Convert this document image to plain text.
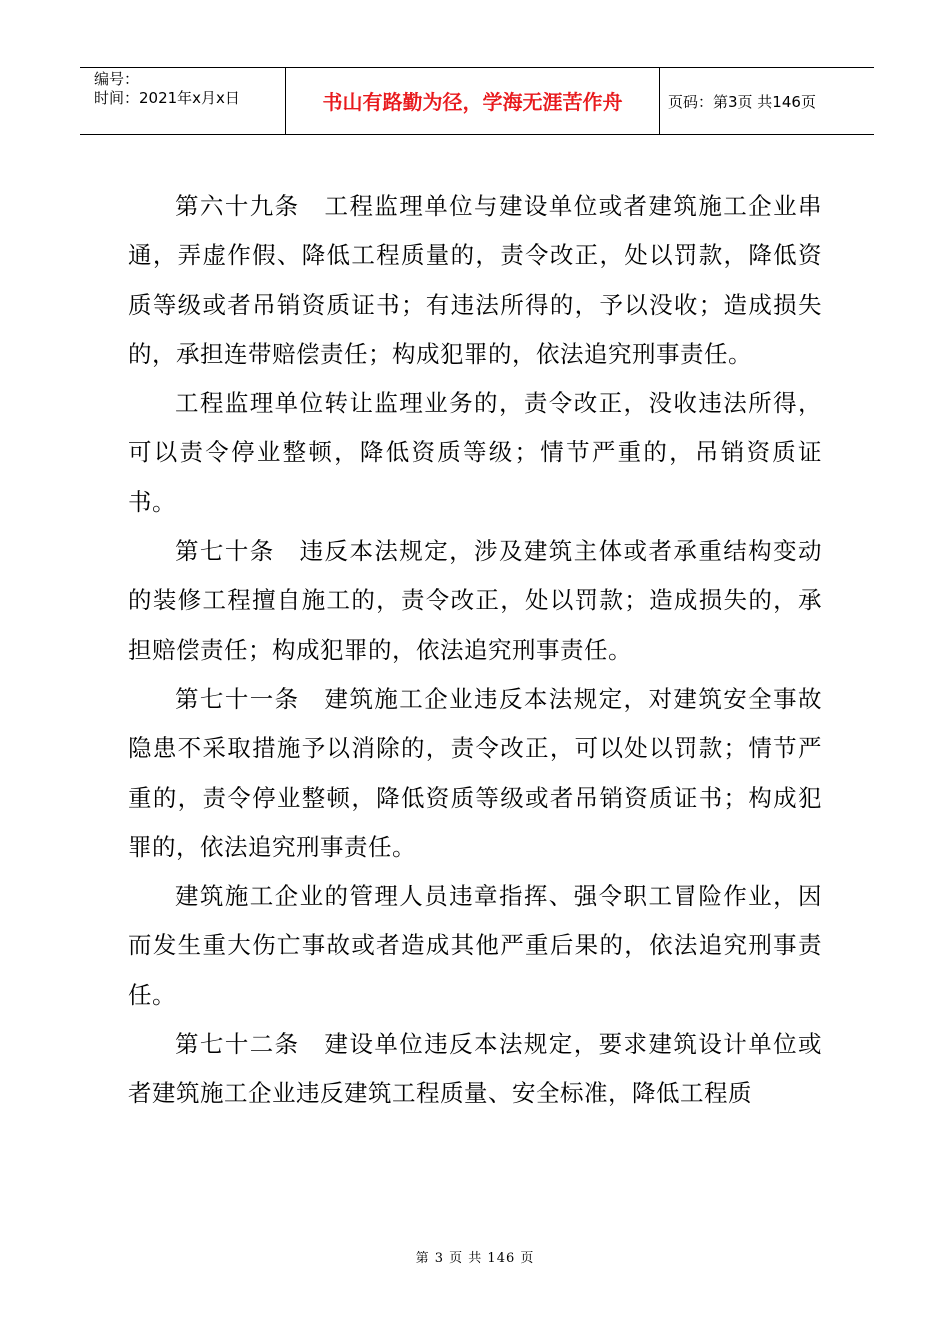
编号：
时间：2021年x月x日	书山有路勤为径，学海无涯苦作舟	页码：第3页 共146页

第六十九条　工程监理单位与建设单位或者建筑施工企业串通，弄虚作假、降低工程质量的，责令改正，处以罚款，降低资质等级或者吊销资质证书；有违法所得的，予以没收；造成损失的，承担连带赔偿责任；构成犯罪的，依法追究刑事责任。

工程监理单位转让监理业务的，责令改正，没收违法所得，可以责令停业整顿，降低资质等级；情节严重的，吊销资质证书。

第七十条　违反本法规定，涉及建筑主体或者承重结构变动的装修工程擅自施工的，责令改正，处以罚款；造成损失的，承担赔偿责任；构成犯罪的，依法追究刑事责任。

第七十一条　建筑施工企业违反本法规定，对建筑安全事故隐患不采取措施予以消除的，责令改正，可以处以罚款；情节严重的，责令停业整顿，降低资质等级或者吊销资质证书；构成犯罪的，依法追究刑事责任。

建筑施工企业的管理人员违章指挥、强令职工冒险作业，因而发生重大伤亡事故或者造成其他严重后果的，依法追究刑事责任。

第七十二条　建设单位违反本法规定，要求建筑设计单位或者建筑施工企业违反建筑工程质量、安全标准，降低工程质

第 3 页 共 146 页
